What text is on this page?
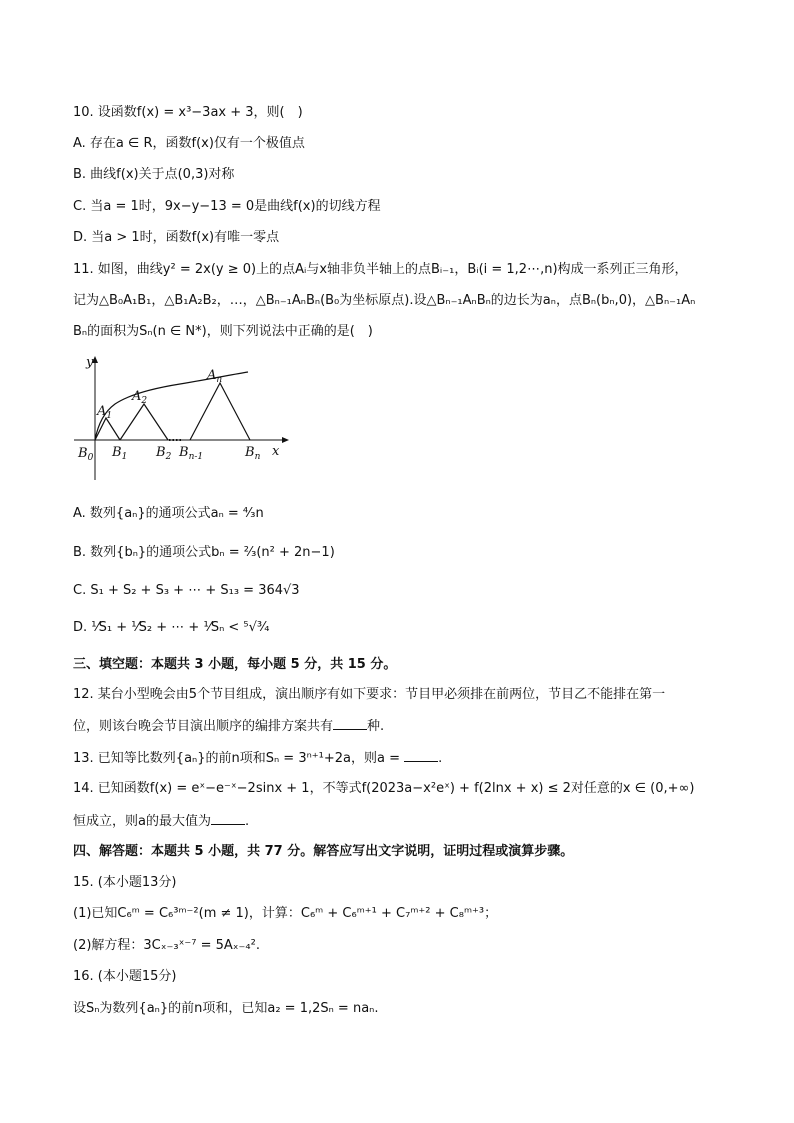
10. 设函数f(x) = x³−3ax + 3，则(　)
A. 存在a ∈ R，函数f(x)仅有一个极值点
B. 曲线f(x)关于点(0,3)对称
C. 当a = 1时，9x−y−13 = 0是曲线f(x)的切线方程
D. 当a > 1时，函数f(x)有唯一零点
11. 如图，曲线y² = 2x(y ≥ 0)上的点Aᵢ与x轴非负半轴上的点Bᵢ₋₁，Bᵢ(i = 1,2⋯,n)构成一系列正三角形，
记为△B₀A₁B₁，△B₁A₂B₂，…，△Bₙ₋₁AₙBₙ(B₀为坐标原点).设△Bₙ₋₁AₙBₙ的边长为aₙ，点Bₙ(bₙ,0)，△Bₙ₋₁Aₙ
Bₙ的面积为Sₙ(n ∈ N*)，则下列说法中正确的是(　)
y
x
$A_1$
$A_2$
$A_n$
$B_0$ $B_1$ $B_2$ $B_{n-1}$	$B_n$
A. 数列{aₙ}的通项公式aₙ = ⁴⁄₃n
B. 数列{bₙ}的通项公式bₙ = ²⁄₃(n² + 2n−1)
C. S₁ + S₂ + S₃ + ⋯ + S₁₃ = 364√3
D. ¹⁄S₁ + ¹⁄S₂ + ⋯ + ¹⁄Sₙ < ⁵√³⁄₄
三、填空题：本题共 3 小题，每小题 5 分，共 15 分。
12. 某台小型晚会由5个节目组成，演出顺序有如下要求：节目甲必须排在前两位，节目乙不能排在第一
位，则该台晚会节目演出顺序的编排方案共有	种.
13. 已知等比数列{aₙ}的前n项和Sₙ = 3ⁿ⁺¹+2a，则a =	.
14. 已知函数f(x) = eˣ−e⁻ˣ−2sinx + 1，不等式f(2023a−x²eˣ) + f(2lnx + x) ≤ 2对任意的x ∈ (0,+∞)
恒成立，则a的最大值为	.
四、解答题：本题共 5 小题，共 77 分。解答应写出文字说明，证明过程或演算步骤。
15. (本小题13分)
(1)已知C₆ᵐ = C₆³ᵐ⁻²(m ≠ 1)，计算：C₆ᵐ + C₆ᵐ⁺¹ + C₇ᵐ⁺² + C₈ᵐ⁺³；
(2)解方程：3Cₓ₋₃ˣ⁻⁷ = 5Aₓ₋₄².
16. (本小题15分)
设Sₙ为数列{aₙ}的前n项和，已知a₂ = 1,2Sₙ = naₙ.
